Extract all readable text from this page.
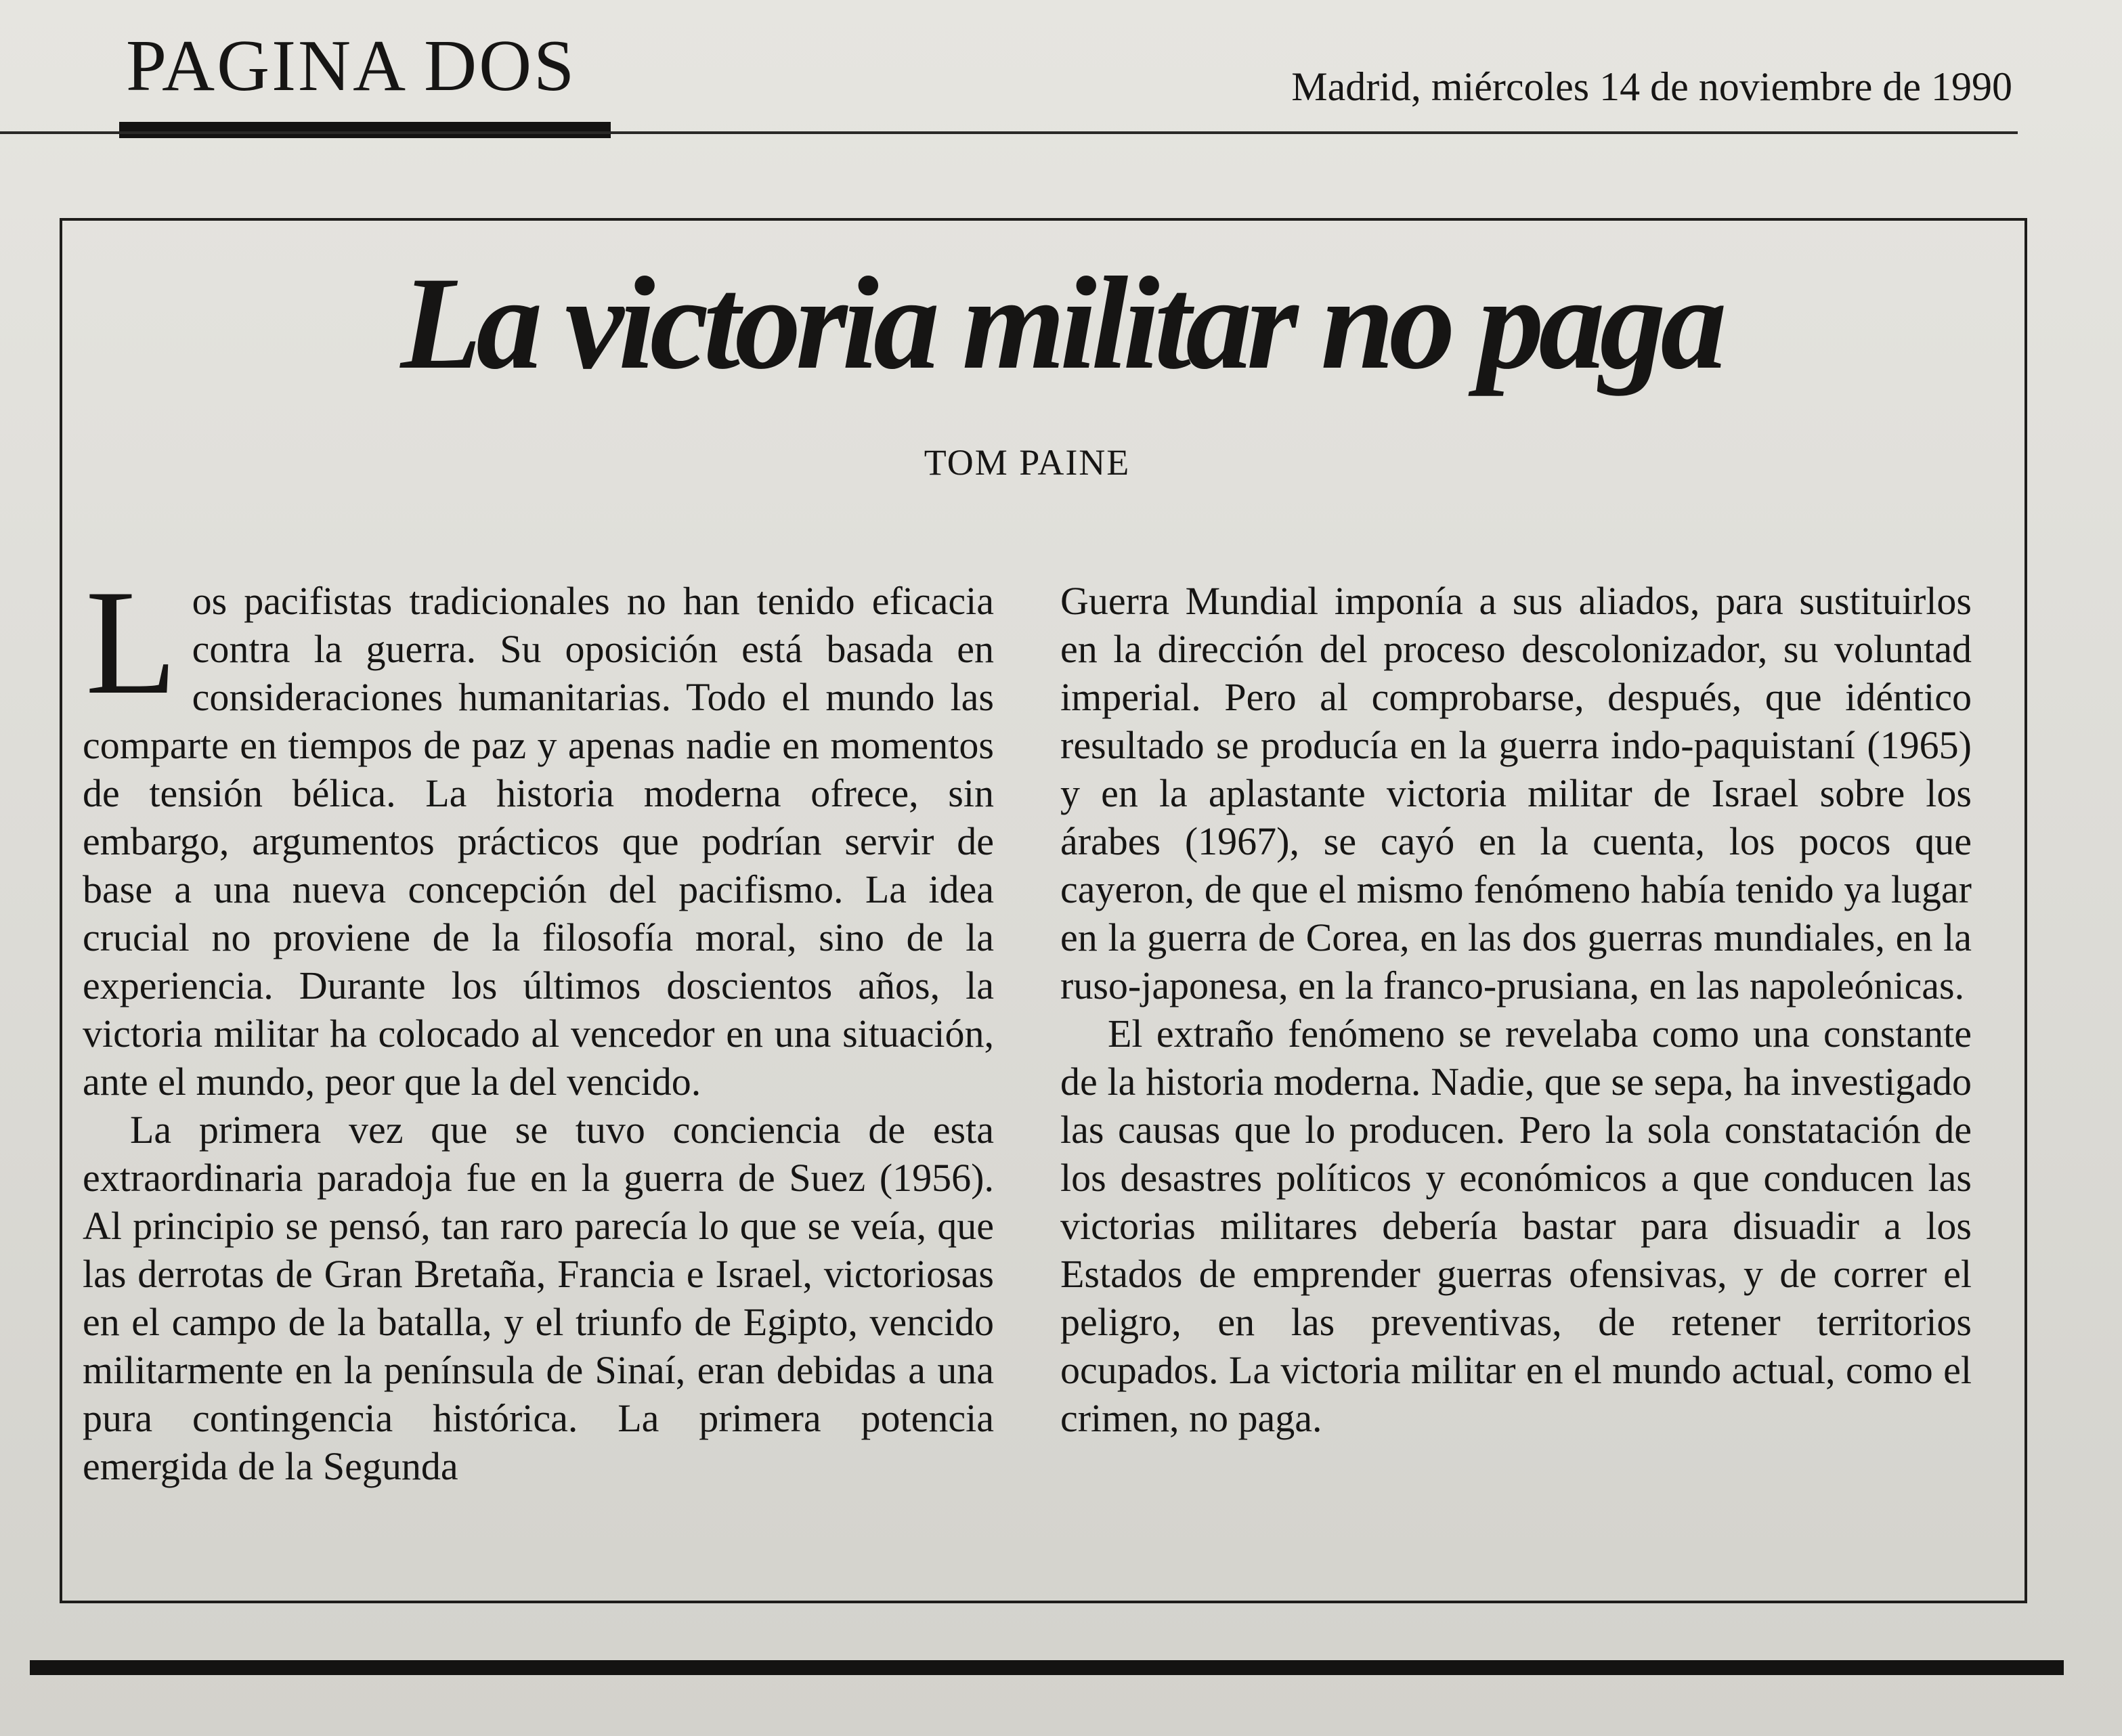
PAGINA DOS	Madrid, miércoles 14 de noviembre de 1990
La victoria militar no paga
TOM PAINE

Los pacifistas tradicionales no han tenido eficacia contra la guerra. Su oposición está basada en consideraciones humanitarias. Todo el mundo las comparte en tiempos de paz y apenas nadie en momentos de tensión bélica. La historia moderna ofrece, sin embargo, argumentos prácticos que podrían servir de base a una nueva concepción del pacifismo. La idea crucial no proviene de la filosofía moral, sino de la experiencia. Durante los últimos doscientos años, la victoria militar ha colocado al vencedor en una situación, ante el mundo, peor que la del vencido.

La primera vez que se tuvo conciencia de esta extraordinaria paradoja fue en la guerra de Suez (1956). Al principio se pensó, tan raro parecía lo que se veía, que las derrotas de Gran Bretaña, Francia e Israel, victoriosas en el campo de la batalla, y el triunfo de Egipto, vencido militarmente en la península de Sinaí, eran debidas a una pura contingencia histórica. La primera potencia emergida de la Segunda

Guerra Mundial imponía a sus aliados, para sustituirlos en la dirección del proceso descolonizador, su voluntad imperial. Pero al comprobarse, después, que idéntico resultado se producía en la guerra indo-paquistaní (1965) y en la aplastante victoria militar de Israel sobre los árabes (1967), se cayó en la cuenta, los pocos que cayeron, de que el mismo fenómeno había tenido ya lugar en la guerra de Corea, en las dos guerras mundiales, en la ruso-japonesa, en la franco-prusiana, en las napoleónicas.

El extraño fenómeno se revelaba como una constante de la historia moderna. Nadie, que se sepa, ha investigado las causas que lo producen. Pero la sola constatación de los desastres políticos y económicos a que conducen las victorias militares debería bastar para disuadir a los Estados de emprender guerras ofensivas, y de correr el peligro, en las preventivas, de retener territorios ocupados. La victoria militar en el mundo actual, como el crimen, no paga.
